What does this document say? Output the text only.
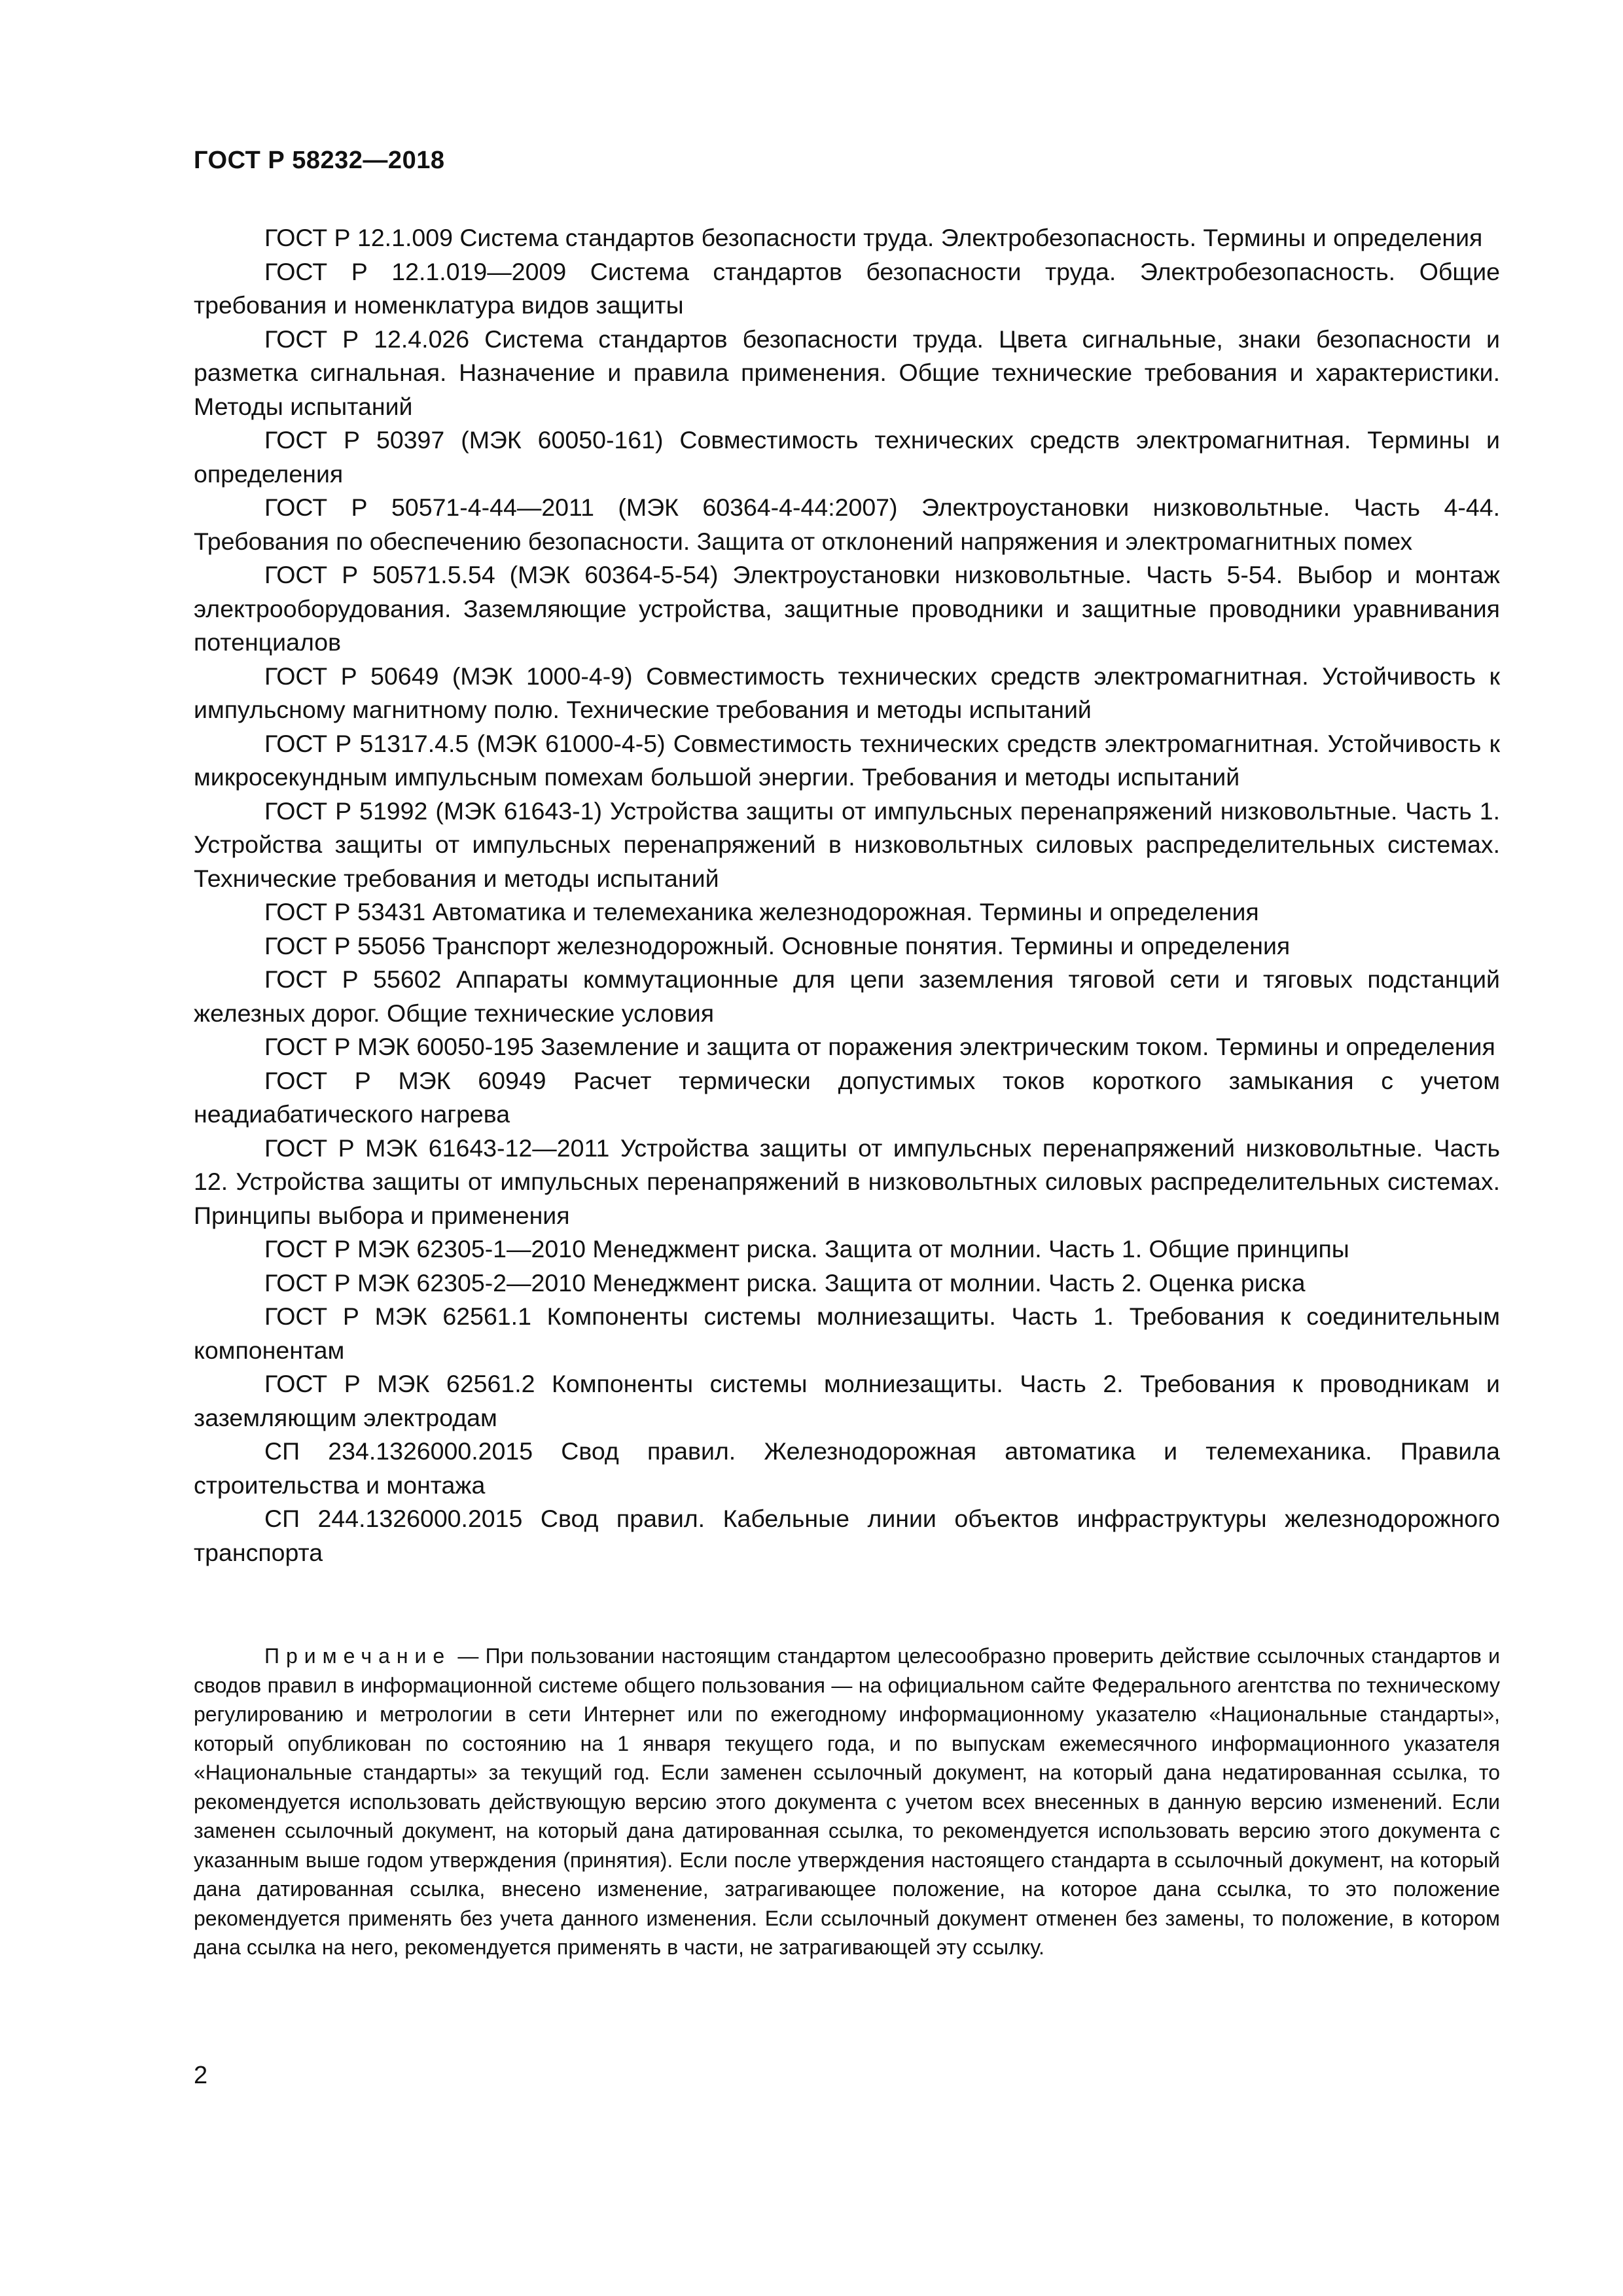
ГОСТ Р 58232—2018

ГОСТ Р 12.1.009 Система стандартов безопасности труда. Электробезопасность. Термины и определения

ГОСТ Р 12.1.019—2009 Система стандартов безопасности труда. Электробезопасность. Общие требования и номенклатура видов защиты

ГОСТ Р 12.4.026 Система стандартов безопасности труда. Цвета сигнальные, знаки безопасности и разметка сигнальная. Назначение и правила применения. Общие технические требования и характеристики. Методы испытаний

ГОСТ Р 50397 (МЭК 60050-161) Совместимость технических средств электромагнитная. Термины и определения

ГОСТ Р 50571-4-44—2011 (МЭК 60364-4-44:2007) Электроустановки низковольтные. Часть 4-44. Требования по обеспечению безопасности. Защита от отклонений напряжения и электромагнитных помех

ГОСТ Р 50571.5.54 (МЭК 60364-5-54) Электроустановки низковольтные. Часть 5-54. Выбор и монтаж электрооборудования. Заземляющие устройства, защитные проводники и защитные проводники уравнивания потенциалов

ГОСТ Р 50649 (МЭК 1000-4-9) Совместимость технических средств электромагнитная. Устойчивость к импульсному магнитному полю. Технические требования и методы испытаний

ГОСТ Р 51317.4.5 (МЭК 61000-4-5) Совместимость технических средств электромагнитная. Устойчивость к микросекундным импульсным помехам большой энергии. Требования и методы испытаний

ГОСТ Р 51992 (МЭК 61643-1) Устройства защиты от импульсных перенапряжений низковольтные. Часть 1. Устройства защиты от импульсных перенапряжений в низковольтных силовых распределительных системах. Технические требования и методы испытаний

ГОСТ Р 53431 Автоматика и телемеханика железнодорожная. Термины и определения

ГОСТ Р 55056 Транспорт железнодорожный. Основные понятия. Термины и определения

ГОСТ Р 55602 Аппараты коммутационные для цепи заземления тяговой сети и тяговых подстанций железных дорог. Общие технические условия

ГОСТ Р МЭК 60050-195 Заземление и защита от поражения электрическим током. Термины и определения

ГОСТ Р МЭК 60949 Расчет термически допустимых токов короткого замыкания с учетом неадиабатического нагрева

ГОСТ Р МЭК 61643-12—2011 Устройства защиты от импульсных перенапряжений низковольтные. Часть 12. Устройства защиты от импульсных перенапряжений в низковольтных силовых распределительных системах. Принципы выбора и применения

ГОСТ Р МЭК 62305-1—2010 Менеджмент риска. Защита от молнии. Часть 1. Общие принципы

ГОСТ Р МЭК 62305-2—2010 Менеджмент риска. Защита от молнии. Часть 2. Оценка риска

ГОСТ Р МЭК 62561.1 Компоненты системы молниезащиты. Часть 1. Требования к соединительным компонентам

ГОСТ Р МЭК 62561.2 Компоненты системы молниезащиты. Часть 2. Требования к проводникам и заземляющим электродам

СП 234.1326000.2015 Свод правил. Железнодорожная автоматика и телемеханика. Правила строительства и монтажа

СП 244.1326000.2015 Свод правил. Кабельные линии объектов инфраструктуры железнодорожного транспорта

Примечание — При пользовании настоящим стандартом целесообразно проверить действие ссылочных стандартов и сводов правил в информационной системе общего пользования — на официальном сайте Федерального агентства по техническому регулированию и метрологии в сети Интернет или по ежегодному информационному указателю «Национальные стандарты», который опубликован по состоянию на 1 января текущего года, и по выпускам ежемесячного информационного указателя «Национальные стандарты» за текущий год. Если заменен ссылочный документ, на который дана недатированная ссылка, то рекомендуется использовать действующую версию этого документа с учетом всех внесенных в данную версию изменений. Если заменен ссылочный документ, на который дана датированная ссылка, то рекомендуется использовать версию этого документа с указанным выше годом утверждения (принятия). Если после утверждения настоящего стандарта в ссылочный документ, на который дана датированная ссылка, внесено изменение, затрагивающее положение, на которое дана ссылка, то это положение рекомендуется применять без учета данного изменения. Если ссылочный документ отменен без замены, то положение, в котором дана ссылка на него, рекомендуется применять в части, не затрагивающей эту ссылку.

2
